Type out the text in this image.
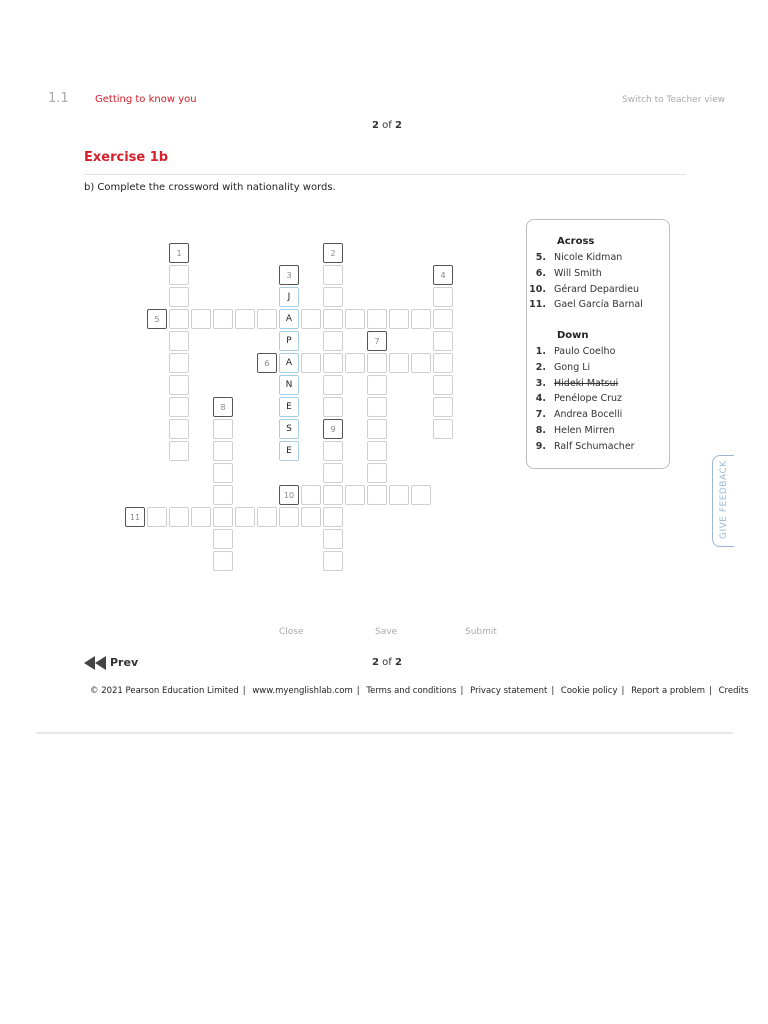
1.1	Getting to know you	Switch to Teacher view
2 of 2
Exercise 1b
b) Complete the crossword with nationality words.
1	2
9
3
J
A
P
A
N
E
S
E
4
5
6
7
8
10
11
Across
5. Nicole Kidman
6. Will Smith
10. Gérard Depardieu
11. Gael García Barnal
Down
1. Paulo Coelho
2. Gong Li
3. Hideki Matsui
4. Penélope Cruz
7. Andrea Bocelli
8. Helen Mirren
9. Ralf Schumacher
GIVE FEEDBACK
Close	Save	Submit
Prev	2 of 2
© 2021 Pearson Education Limited | www.myenglishlab.com | Terms and conditions | Privacy statement | Cookie policy | Report a problem | Credits
